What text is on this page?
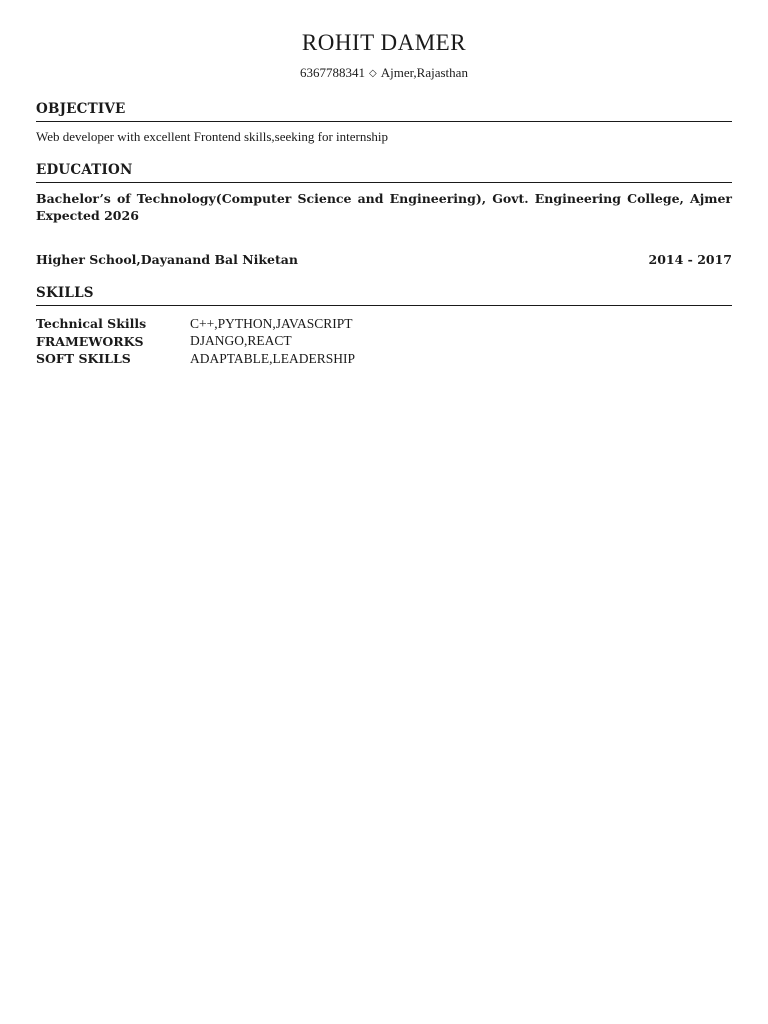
ROHIT DAMER
6367788341 ◇ Ajmer,Rajasthan
OBJECTIVE
Web developer with excellent Frontend skills,seeking for internship
EDUCATION
Bachelor’s of Technology(Computer Science and Engineering), Govt. Engineering College, Ajmer Expected 2026
Higher School,Dayanand Bal Niketan	2014 - 2017
SKILLS
Technical Skills	C++,PYTHON,JAVASCRIPT
FRAMEWORKS	DJANGO,REACT
SOFT SKILLS	ADAPTABLE,LEADERSHIP
